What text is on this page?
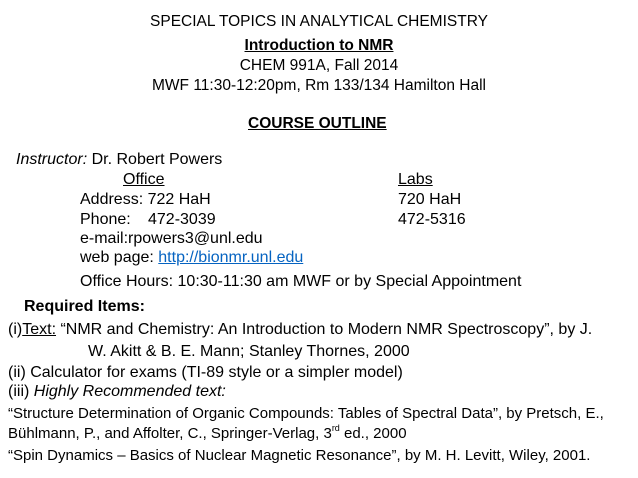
SPECIAL TOPICS IN ANALYTICAL CHEMISTRY
Introduction to NMR
CHEM 991A, Fall 2014
MWF 11:30-12:20pm, Rm 133/134 Hamilton Hall
COURSE OUTLINE
Instructor: Dr. Robert Powers
Office	Labs
Address: 722 HaH	720 HaH
Phone: 472-3039	472-5316
e-mail:rpowers3@unl.edu
web page: http://bionmr.unl.edu
Office Hours: 10:30-11:30 am MWF or by Special Appointment
Required Items:
(i)Text: “NMR and Chemistry: An Introduction to Modern NMR Spectroscopy”, by J.
W. Akitt & B. E. Mann; Stanley Thornes, 2000
(ii) Calculator for exams (TI-89 style or a simpler model)
(iii) Highly Recommended text:
“Structure Determination of Organic Compounds: Tables of Spectral Data”, by Pretsch, E.,
Bühlmann, P., and Affolter, C., Springer-Verlag, 3rd ed., 2000
“Spin Dynamics – Basics of Nuclear Magnetic Resonance”, by M. H. Levitt, Wiley, 2001.
